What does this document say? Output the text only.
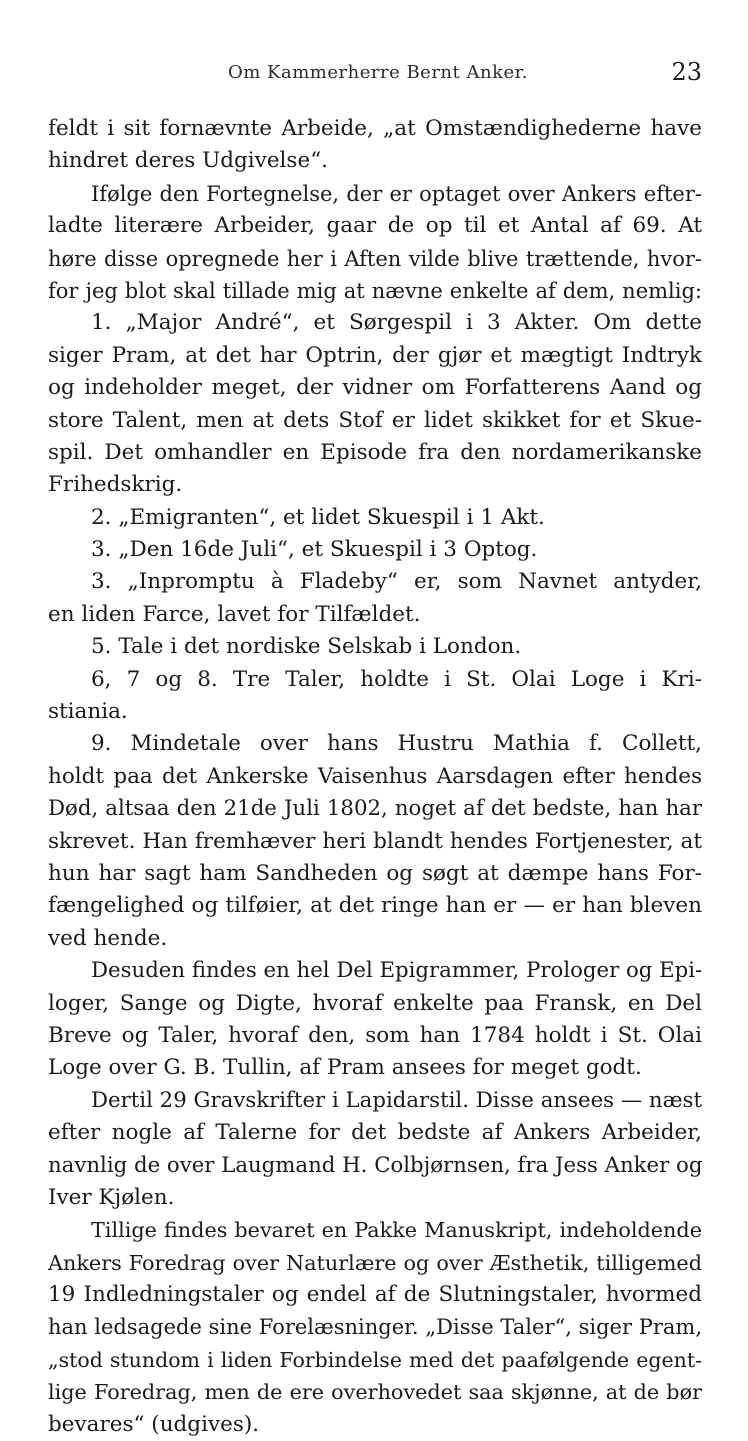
Om Kammerherre Bernt Anker.	23
feldt i sit fornævnte Arbeide, „at Omstændighederne have
hindret deres Udgivelse“.
Ifølge den Fortegnelse, der er optaget over Ankers efter-
ladte literære Arbeider, gaar de op til et Antal af 69. At
høre disse opregnede her i Aften vilde blive trættende, hvor-
for jeg blot skal tillade mig at nævne enkelte af dem, nemlig:
1. „Major André“, et Sørgespil i 3 Akter. Om dette
siger Pram, at det har Optrin, der gjør et mægtigt Indtryk
og indeholder meget, der vidner om Forfatterens Aand og
store Talent, men at dets Stof er lidet skikket for et Skue-
spil. Det omhandler en Episode fra den nordamerikanske
Frihedskrig.
2. „Emigranten“, et lidet Skuespil i 1 Akt.
3. „Den 16de Juli“, et Skuespil i 3 Optog.
3. „Inpromptu à Fladeby“ er, som Navnet antyder,
en liden Farce, lavet for Tilfældet.
5. Tale i det nordiske Selskab i London.
6, 7 og 8. Tre Taler, holdte i St. Olai Loge i Kri-
stiania.
9. Mindetale over hans Hustru Mathia f. Collett,
holdt paa det Ankerske Vaisenhus Aarsdagen efter hendes
Død, altsaa den 21de Juli 1802, noget af det bedste, han har
skrevet. Han fremhæver heri blandt hendes Fortjenester, at
hun har sagt ham Sandheden og søgt at dæmpe hans For-
fængelighed og tilføier, at det ringe han er — er han bleven
ved hende.
Desuden findes en hel Del Epigrammer, Prologer og Epi-
loger, Sange og Digte, hvoraf enkelte paa Fransk, en Del
Breve og Taler, hvoraf den, som han 1784 holdt i St. Olai
Loge over G. B. Tullin, af Pram ansees for meget godt.
Dertil 29 Gravskrifter i Lapidarstil. Disse ansees — næst
efter nogle af Talerne for det bedste af Ankers Arbeider,
navnlig de over Laugmand H. Colbjørnsen, fra Jess Anker og
Iver Kjølen.
Tillige findes bevaret en Pakke Manuskript, indeholdende
Ankers Foredrag over Naturlære og over Æsthetik, tilligemed
19 Indledningstaler og endel af de Slutningstaler, hvormed
han ledsagede sine Forelæsninger. „Disse Taler“, siger Pram,
„stod stundom i liden Forbindelse med det paafølgende egent-
lige Foredrag, men de ere overhovedet saa skjønne, at de bør
bevares“ (udgives).
